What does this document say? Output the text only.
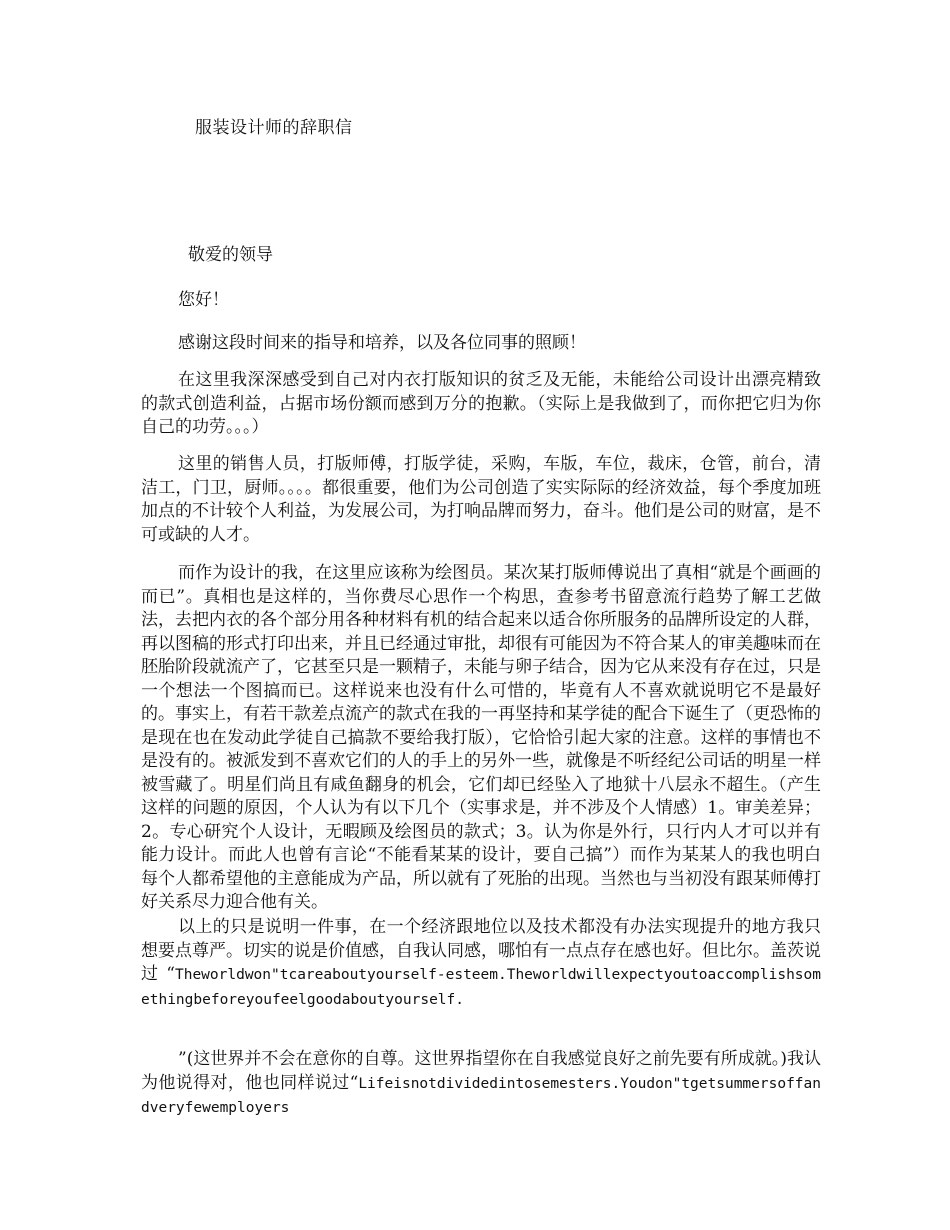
服装设计师的辞职信
敬爱的领导
您好！
感谢这段时间来的指导和培养，以及各位同事的照顾！

在这里我深深感受到自己对内衣打版知识的贫乏及无能，未能给公司设计出漂亮精致的款式创造利益，占据市场份额而感到万分的抱歉。（实际上是我做到了，而你把它归为你自己的功劳。。。）

这里的销售人员，打版师傅，打版学徒，采购，车版，车位，裁床，仓管，前台，清洁工，门卫，厨师。。。。都很重要，他们为公司创造了实实际际的经济效益，每个季度加班加点的不计较个人利益，为发展公司，为打响品牌而努力，奋斗。他们是公司的财富，是不可或缺的人才。

而作为设计的我，在这里应该称为绘图员。某次某打版师傅说出了真相“就是个画画的而已”。真相也是这样的，当你费尽心思作一个构思，查参考书留意流行趋势了解工艺做法，去把内衣的各个部分用各种材料有机的结合起来以适合你所服务的品牌所设定的人群，再以图稿的形式打印出来，并且已经通过审批，却很有可能因为不符合某人的审美趣味而在胚胎阶段就流产了，它甚至只是一颗精子，未能与卵子结合，因为它从来没有存在过，只是一个想法一个图搞而已。这样说来也没有什么可惜的，毕竟有人不喜欢就说明它不是最好的。事实上，有若干款差点流产的款式在我的一再坚持和某学徒的配合下诞生了（更恐怖的是现在也在发动此学徒自己搞款不要给我打版），它恰恰引起大家的注意。这样的事情也不是没有的。被派发到不喜欢它们的人的手上的另外一些，就像是不听经纪公司话的明星一样被雪藏了。明星们尚且有咸鱼翻身的机会，它们却已经坠入了地狱十八层永不超生。（产生这样的问题的原因，个人认为有以下几个（实事求是，并不涉及个人情感）1。审美差异；2。专心研究个人设计，无暇顾及绘图员的款式；3。认为你是外行，只行内人才可以并有能力设计。而此人也曾有言论“不能看某某的设计，要自己搞”）而作为某某人的我也明白每个人都希望他的主意能成为产品，所以就有了死胎的出现。当然也与当初没有跟某师傅打好关系尽力迎合他有关。

以上的只是说明一件事，在一个经济跟地位以及技术都没有办法实现提升的地方我只想要点尊严。切实的说是价值感，自我认同感，哪怕有一点点存在感也好。但比尔。盖茨说过“Theworldwon"tcareaboutyourself-esteem.Theworldwillexpectyoutoaccomplishsomethingbeforeyoufeelgoodaboutyourself.

”(这世界并不会在意你的自尊。这世界指望你在自我感觉良好之前先要有所成就。)我认为他说得对，他也同样说过“Lifeisnotdividedintosemesters.Youdon"tgetsummersoffandveryfewemployers
